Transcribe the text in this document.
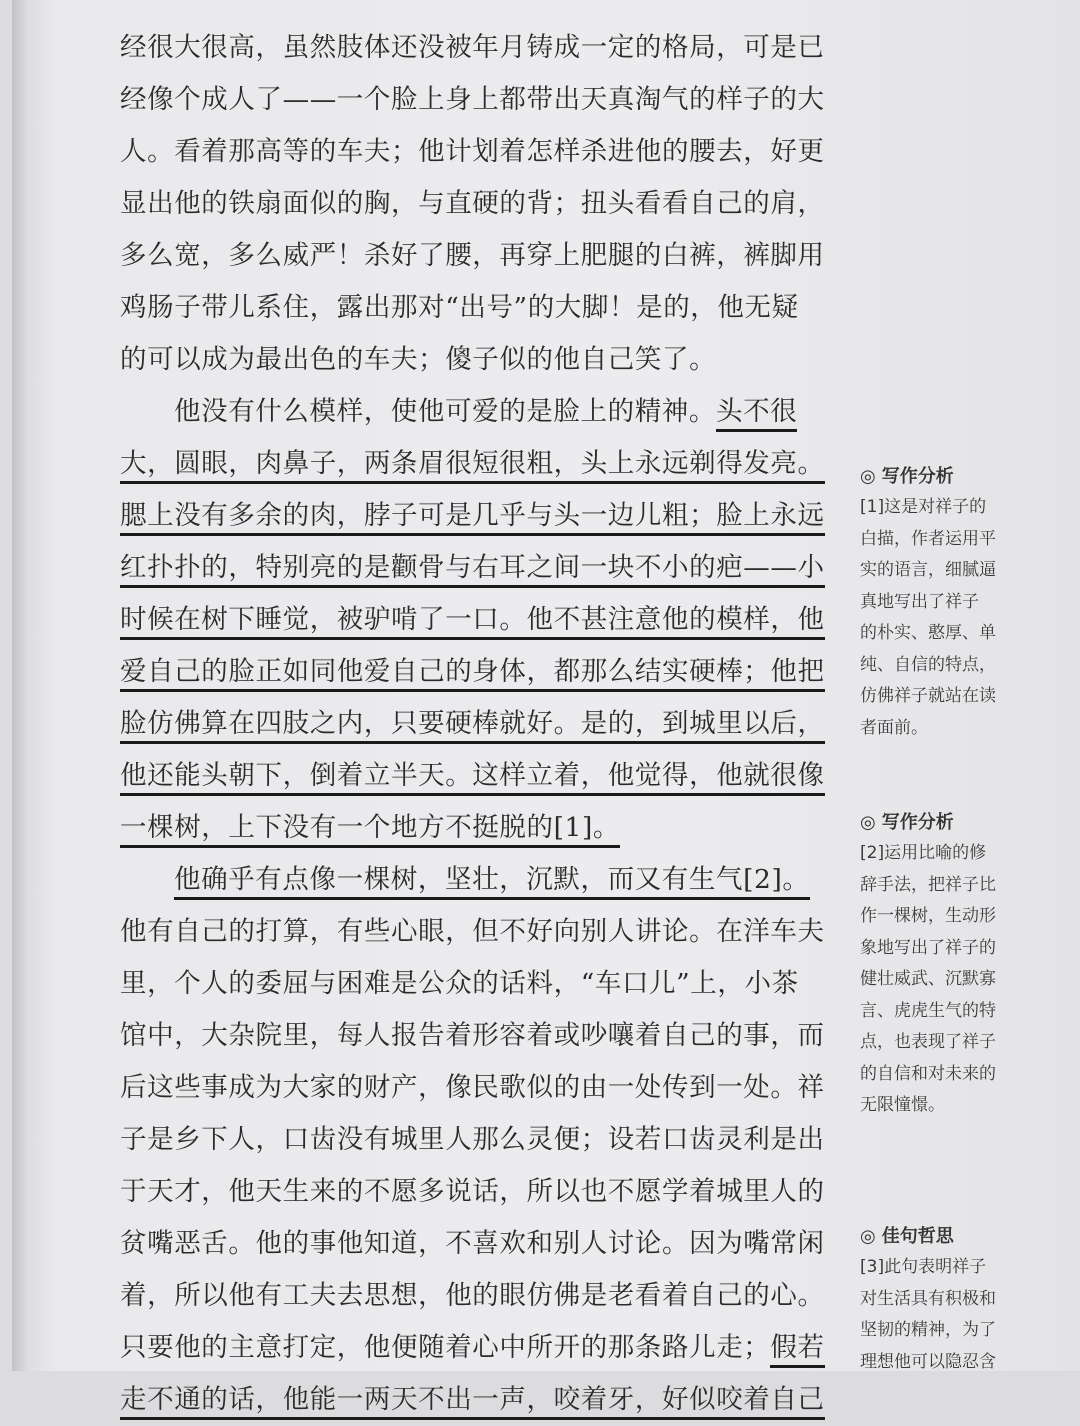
经很大很高，虽然肢体还没被年月铸成一定的格局，可是已
经像个成人了——一个脸上身上都带出天真淘气的样子的大
人。看着那高等的车夫；他计划着怎样杀进他的腰去，好更
显出他的铁扇面似的胸，与直硬的背；扭头看看自己的肩，
多么宽，多么威严！杀好了腰，再穿上肥腿的白裤，裤脚用
鸡肠子带儿系住，露出那对“出号”的大脚！是的，他无疑
的可以成为最出色的车夫；傻子似的他自己笑了。
他没有什么模样，使他可爱的是脸上的精神。头不很
大，圆眼，肉鼻子，两条眉很短很粗，头上永远剃得发亮。
腮上没有多余的肉，脖子可是几乎与头一边儿粗；脸上永远
红扑扑的，特别亮的是颧骨与右耳之间一块不小的疤——小
时候在树下睡觉，被驴啃了一口。他不甚注意他的模样，他
爱自己的脸正如同他爱自己的身体，都那么结实硬棒；他把
脸仿佛算在四肢之内，只要硬棒就好。是的，到城里以后，
他还能头朝下，倒着立半天。这样立着，他觉得，他就很像
一棵树，上下没有一个地方不挺脱的[1]。
他确乎有点像一棵树，坚壮，沉默，而又有生气[2]。
他有自己的打算，有些心眼，但不好向别人讲论。在洋车夫
里，个人的委屈与困难是公众的话料，“车口儿”上，小茶
馆中，大杂院里，每人报告着形容着或吵嚷着自己的事，而
后这些事成为大家的财产，像民歌似的由一处传到一处。祥
子是乡下人，口齿没有城里人那么灵便；设若口齿灵利是出
于天才，他天生来的不愿多说话，所以也不愿学着城里人的
贫嘴恶舌。他的事他知道，不喜欢和别人讨论。因为嘴常闲
着，所以他有工夫去思想，他的眼仿佛是老看着自己的心。
只要他的主意打定，他便随着心中所开的那条路儿走；假若
走不通的话，他能一两天不出一声，咬着牙，好似咬着自己
◎ 写作分析
[1]这是对祥子的
白描，作者运用平
实的语言，细腻逼
真地写出了祥子
的朴实、憨厚、单
纯、自信的特点，
仿佛祥子就站在读
者面前。
◎ 写作分析
[2]运用比喻的修
辞手法，把祥子比
作一棵树，生动形
象地写出了祥子的
健壮威武、沉默寡
言、虎虎生气的特
点，也表现了祥子
的自信和对未来的
无限憧憬。
◎ 佳句哲思
[3]此句表明祥子
对生活具有积极和
坚韧的精神，为了
理想他可以隐忍含
